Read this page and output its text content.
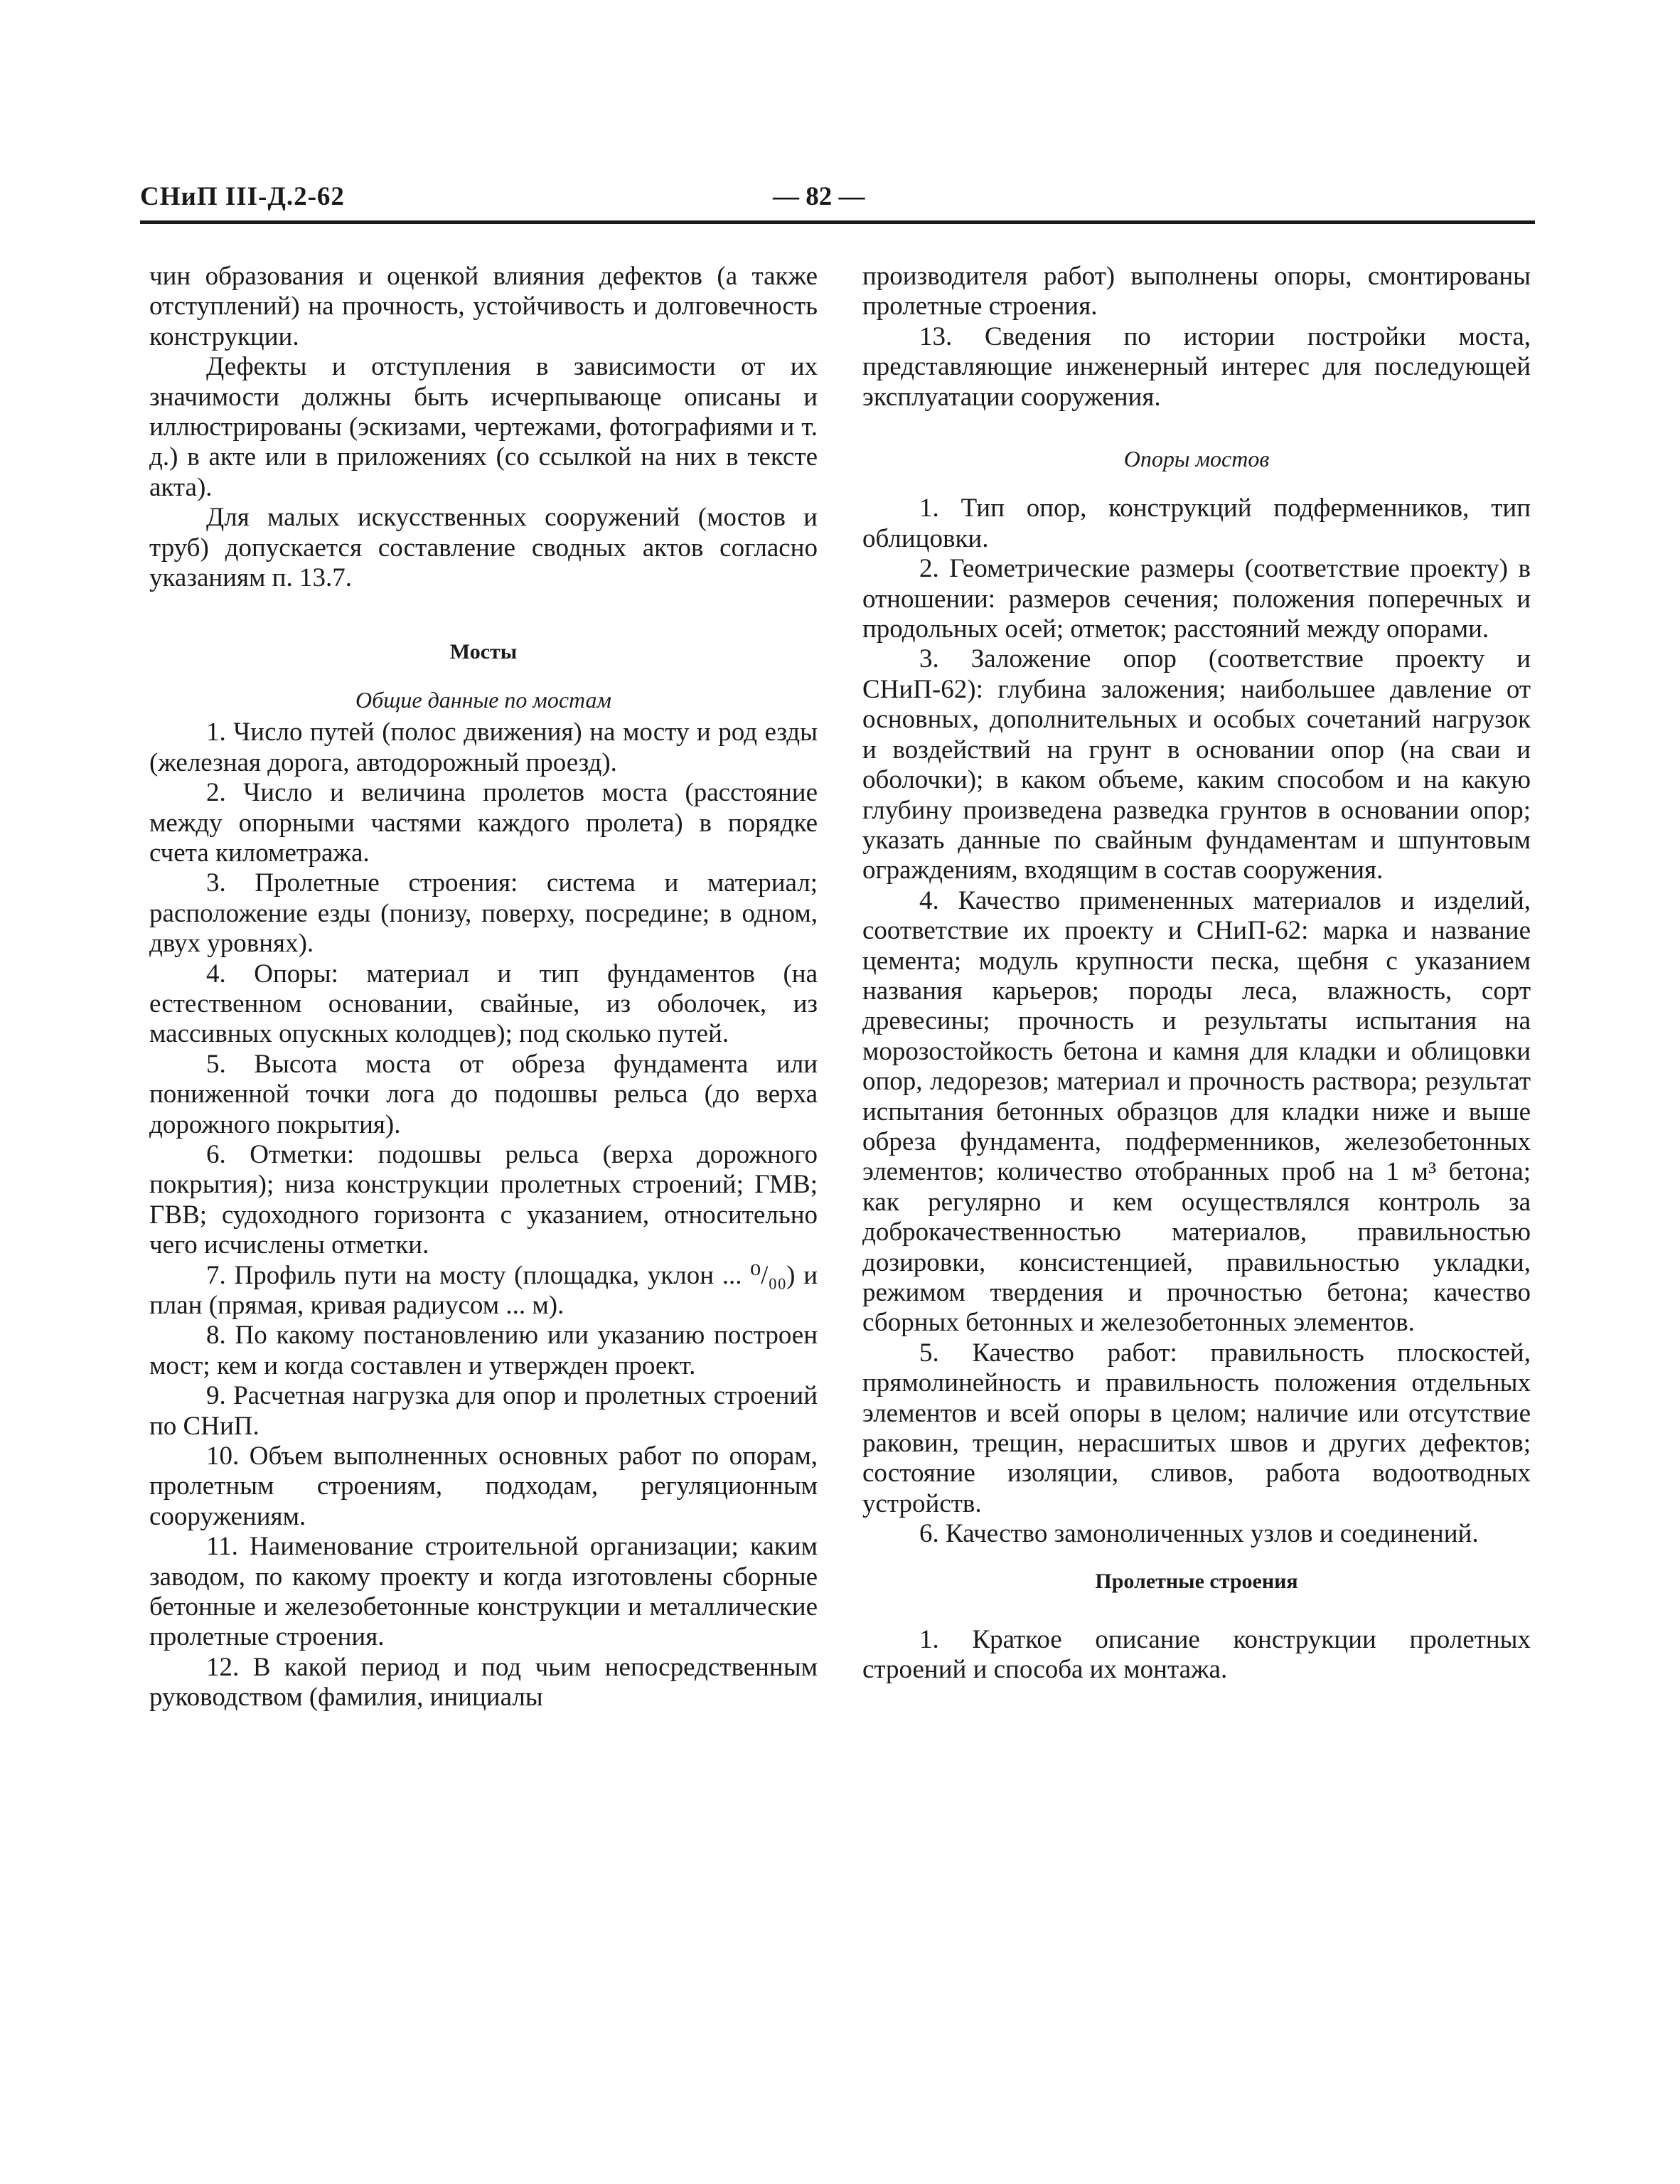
СНиП III-Д.2-62	— 82 —

чин образования и оценкой влияния дефектов (а также отступлений) на прочность, устойчивость и долговечность конструкции.

Дефекты и отступления в зависимости от их значимости должны быть исчерпывающе описаны и иллюстрированы (эскизами, чертежами, фотографиями и т. д.) в акте или в приложениях (со ссылкой на них в тексте акта).

Для малых искусственных сооружений (мостов и труб) допускается составление сводных актов согласно указаниям п. 13.7.

Мосты

Общие данные по мостам

1. Число путей (полос движения) на мосту и род езды (железная дорога, автодорожный проезд).

2. Число и величина пролетов моста (расстояние между опорными частями каждого пролета) в порядке счета километража.

3. Пролетные строения: система и материал; расположение езды (понизу, поверху, посредине; в одном, двух уровнях).

4. Опоры: материал и тип фундаментов (на естественном основании, свайные, из оболочек, из массивных опускных колодцев); под сколько путей.

5. Высота моста от обреза фундамента или пониженной точки лога до подошвы рельса (до верха дорожного покрытия).

6. Отметки: подошвы рельса (верха дорожного покрытия); низа конструкции пролетных строений; ГМВ; ГВВ; судоходного горизонта с указанием, относительно чего исчислены отметки.

7. Профиль пути на мосту (площадка, уклон ... ⁰/₀₀) и план (прямая, кривая радиусом ... м).

8. По какому постановлению или указанию построен мост; кем и когда составлен и утвержден проект.

9. Расчетная нагрузка для опор и пролетных строений по СНиП.

10. Объем выполненных основных работ по опорам, пролетным строениям, подходам, регуляционным сооружениям.

11. Наименование строительной организации; каким заводом, по какому проекту и когда изготовлены сборные бетонные и железобетонные конструкции и металлические пролетные строения.

12. В какой период и под чьим непосредственным руководством (фамилия, инициалы

производителя работ) выполнены опоры, смонтированы пролетные строения.

13. Сведения по истории постройки моста, представляющие инженерный интерес для последующей эксплуатации сооружения.

Опоры мостов

1. Тип опор, конструкций подферменников, тип облицовки.

2. Геометрические размеры (соответствие проекту) в отношении: размеров сечения; положения поперечных и продольных осей; отметок; расстояний между опорами.

3. Заложение опор (соответствие проекту и СНиП-62): глубина заложения; наибольшее давление от основных, дополнительных и особых сочетаний нагрузок и воздействий на грунт в основании опор (на сваи и оболочки); в каком объеме, каким способом и на какую глубину произведена разведка грунтов в основании опор; указать данные по свайным фундаментам и шпунтовым ограждениям, входящим в состав сооружения.

4. Качество примененных материалов и изделий, соответствие их проекту и СНиП-62: марка и название цемента; модуль крупности песка, щебня с указанием названия карьеров; породы леса, влажность, сорт древесины; прочность и результаты испытания на морозостойкость бетона и камня для кладки и облицовки опор, ледорезов; материал и прочность раствора; результат испытания бетонных образцов для кладки ниже и выше обреза фундамента, подферменников, железобетонных элементов; количество отобранных проб на 1 м³ бетона; как регулярно и кем осуществлялся контроль за доброкачественностью материалов, правильностью дозировки, консистенцией, правильностью укладки, режимом твердения и прочностью бетона; качество сборных бетонных и железобетонных элементов.

5. Качество работ: правильность плоскостей, прямолинейность и правильность положения отдельных элементов и всей опоры в целом; наличие или отсутствие раковин, трещин, нерасшитых швов и других дефектов; состояние изоляции, сливов, работа водоотводных устройств.

6. Качество замоноличенных узлов и соединений.

Пролетные строения

1. Краткое описание конструкции пролетных строений и способа их монтажа.
